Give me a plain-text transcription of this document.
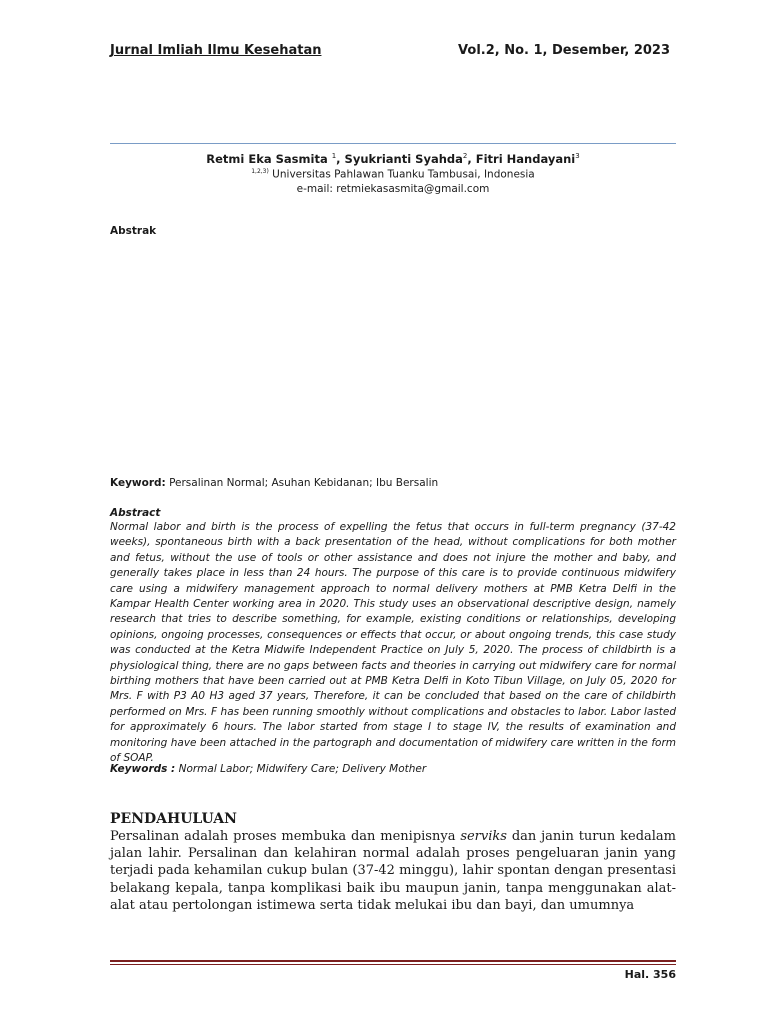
Jurnal Imliah Ilmu Kesehatan	Vol.2, No. 1, Desember, 2023
Retmi Eka Sasmita $^1$, Syukrianti Syahda$^2$, Fitri Handayani$^3$
$^{1,2,3)}$ Universitas Pahlawan Tuanku Tambusai, Indonesia
e-mail: retmiekasasmita@gmail.com
Abstrak
Keyword: Persalinan Normal; Asuhan Kebidanan; Ibu Bersalin
Abstract
Normal labor and birth is the process of expelling the fetus that occurs in full-term pregnancy (37-42 weeks), spontaneous birth with a back presentation of the head, without complications for both mother and fetus, without the use of tools or other assistance and does not injure the mother and baby, and generally takes place in less than 24 hours. The purpose of this care is to provide continuous midwifery care using a midwifery management approach to normal delivery mothers at PMB Ketra Delfi in the Kampar Health Center working area in 2020. This study uses an observational descriptive design, namely research that tries to describe something, for example, existing conditions or relationships, developing opinions, ongoing processes, consequences or effects that occur, or about ongoing trends, this case study was conducted at the Ketra Midwife Independent Practice on July 5, 2020. The process of childbirth is a physiological thing, there are no gaps between facts and theories in carrying out midwifery care for normal birthing mothers that have been carried out at PMB Ketra Delfi in Koto Tibun Village, on July 05, 2020 for Mrs. F with P3 A0 H3 aged 37 years, Therefore, it can be concluded that based on the care of childbirth performed on Mrs. F has been running smoothly without complications and obstacles to labor. Labor lasted for approximately 6 hours. The labor started from stage I to stage IV, the results of examination and monitoring have been attached in the partograph and documentation of midwifery care written in the form of SOAP.
Keywords : Normal Labor; Midwifery Care; Delivery Mother
PENDAHULUAN
Persalinan adalah proses membuka dan menipisnya serviks dan janin turun kedalam jalan lahir. Persalinan dan kelahiran normal adalah proses pengeluaran janin yang terjadi pada kehamilan cukup bulan (37-42 minggu), lahir spontan dengan presentasi belakang kepala, tanpa komplikasi baik ibu maupun janin, tanpa menggunakan alat-alat atau pertolongan istimewa serta tidak melukai ibu dan bayi, dan umumnya
Hal. 356
